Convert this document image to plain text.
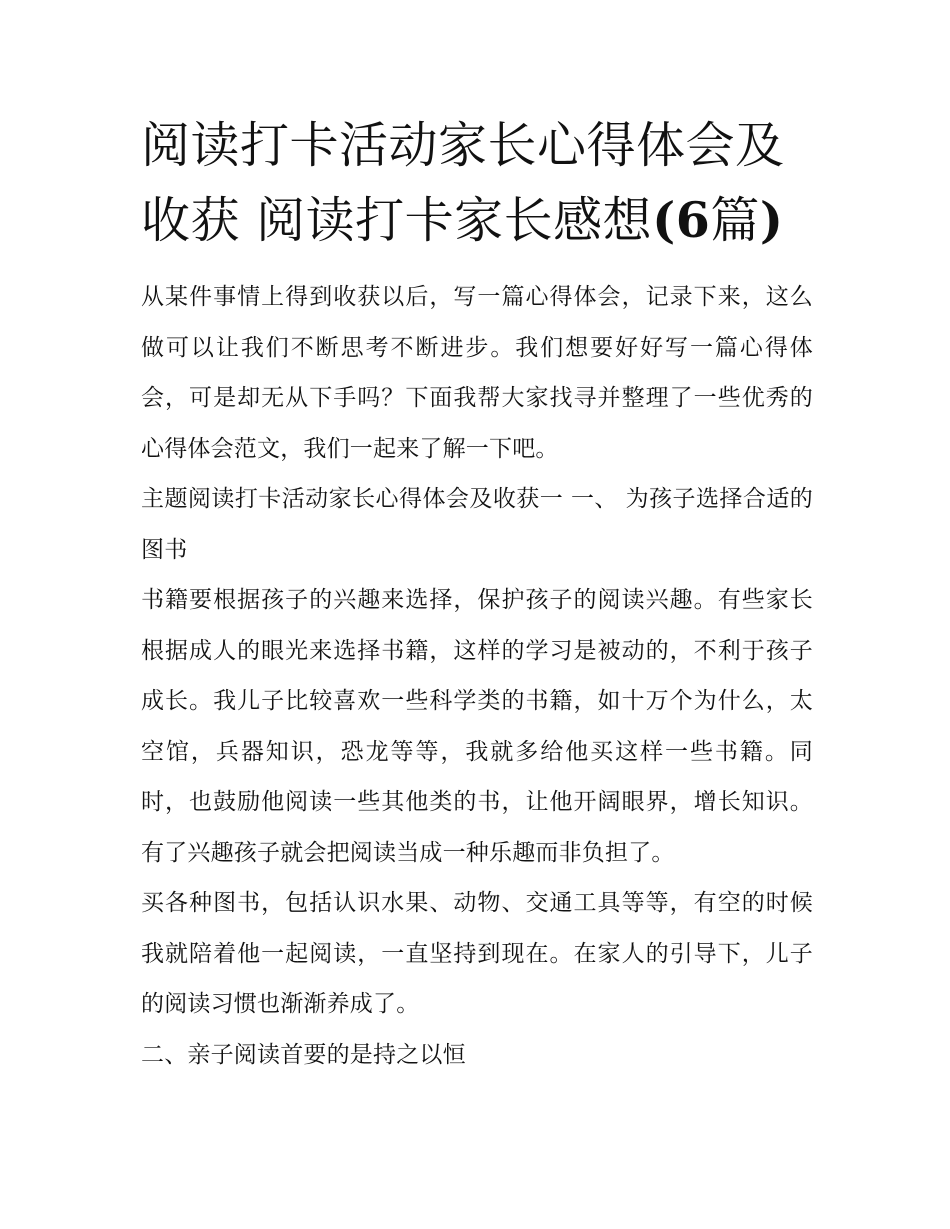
阅读打卡活动家长心得体会及收获 阅读打卡家长感想(6篇)

从某件事情上得到收获以后，写一篇心得体会，记录下来，这么做可以让我们不断思考不断进步。我们想要好好写一篇心得体会，可是却无从下手吗？下面我帮大家找寻并整理了一些优秀的心得体会范文，我们一起来了解一下吧。

主题阅读打卡活动家长心得体会及收获一 一、 为孩子选择合适的图书

书籍要根据孩子的兴趣来选择，保护孩子的阅读兴趣。有些家长根据成人的眼光来选择书籍，这样的学习是被动的，不利于孩子成长。我儿子比较喜欢一些科学类的书籍，如十万个为什么，太空馆，兵器知识，恐龙等等，我就多给他买这样一些书籍。同时，也鼓励他阅读一些其他类的书，让他开阔眼界，增长知识。有了兴趣孩子就会把阅读当成一种乐趣而非负担了。

买各种图书，包括认识水果、动物、交通工具等等，有空的时候我就陪着他一起阅读，一直坚持到现在。在家人的引导下，儿子的阅读习惯也渐渐养成了。

二、亲子阅读首要的是持之以恒
